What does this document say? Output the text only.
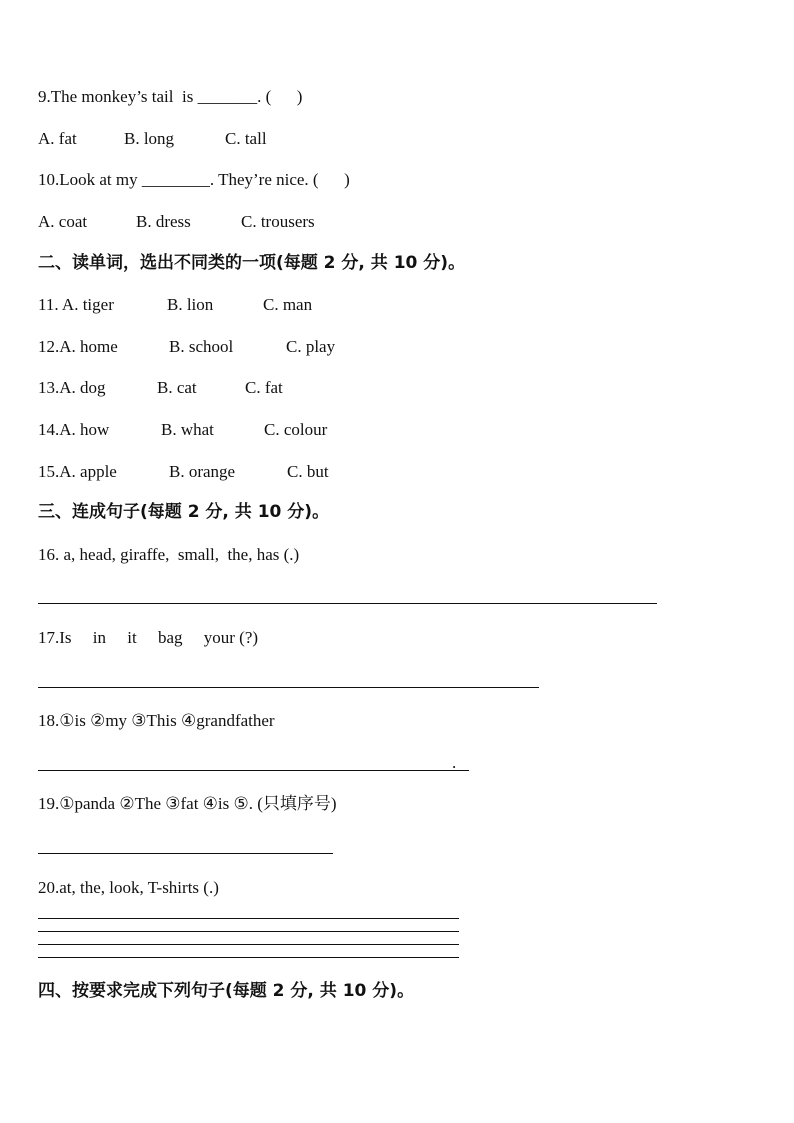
9.The monkey’s tail  is _______. (      )
A. fat	B. long	C. tall
10.Look at my ________. They’re nice. (      )
A. coat	B. dress	C. trousers
二、读单词，选出不同类的一项(每题 2 分, 共 10 分)。
11. A. tiger	B. lion	C. man
12.A. home	B. school	C. play
13.A. dog	B. cat	C. fat
14.A. how	B. what	C. colour
15.A. apple	B. orange	C. but
三、连成句子(每题 2 分, 共 10 分)。
16. a, head, giraffe,  small,  the, has (.)
17.Is     in     it     bag     your (?)
18.①is ②my ③This ④grandfather
.
19.①panda ②The ③fat ④is ⑤. (只填序号)
20.at, the, look, T-shirts (.)
四、按要求完成下列句子(每题 2 分, 共 10 分)。
